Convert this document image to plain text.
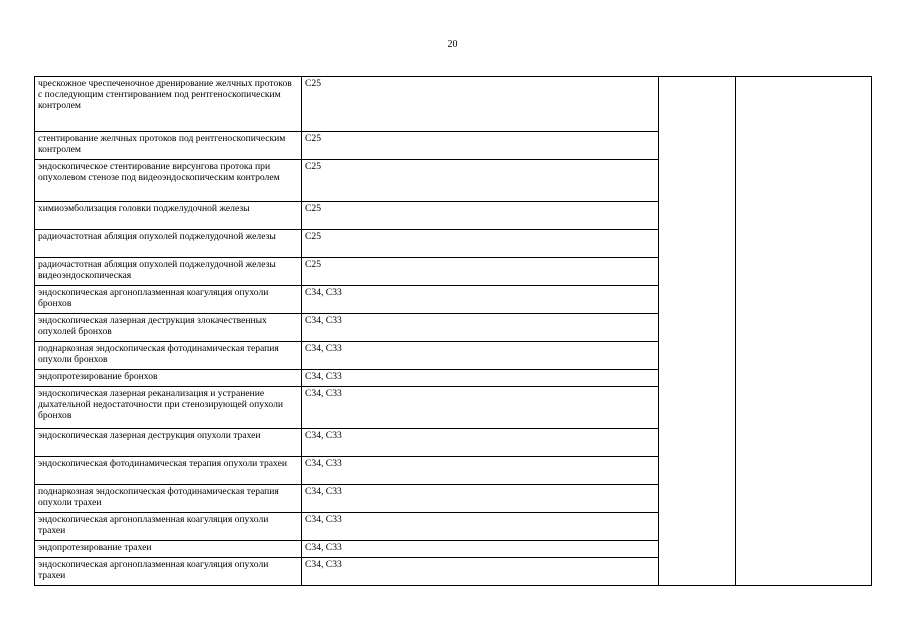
20
чрескожное чреспеченочное дренирование желчных протоков с последующим стентированием под рентгеноскопическим контролем	C25		
стентирование желчных протоков под рентгеноскопическим контролем	C25		
эндоскопическое стентирование вирсунгова протока при опухолевом стенозе под видеоэндоскопическим контролем	C25		
химиоэмболизация головки поджелудочной железы	C25		
радиочастотная абляция опухолей поджелудочной железы	C25		
радиочастотная абляция опухолей поджелудочной железы видеоэндоскопическая	C25		
эндоскопическая аргоноплазменная коагуляция опухоли бронхов	C34, C33		
эндоскопическая лазерная деструкция злокачественных опухолей бронхов	C34, C33		
поднаркозная эндоскопическая фотодинамическая терапия опухоли бронхов	C34, C33		
эндопротезирование бронхов	C34, C33		
эндоскопическая лазерная реканализация и устранение дыхательной недостаточности при стенозирующей опухоли бронхов	C34, C33		
эндоскопическая лазерная деструкция опухоли трахеи	C34, C33		
эндоскопическая фотодинамическая терапия опухоли трахеи	C34, C33		
поднаркозная эндоскопическая фотодинамическая терапия опухоли трахеи	C34, C33		
эндоскопическая аргоноплазменная коагуляция опухоли трахеи	C34, C33		
эндопротезирование трахеи	C34, C33		
эндоскопическая аргоноплазменная коагуляция опухоли трахеи	C34, C33		
